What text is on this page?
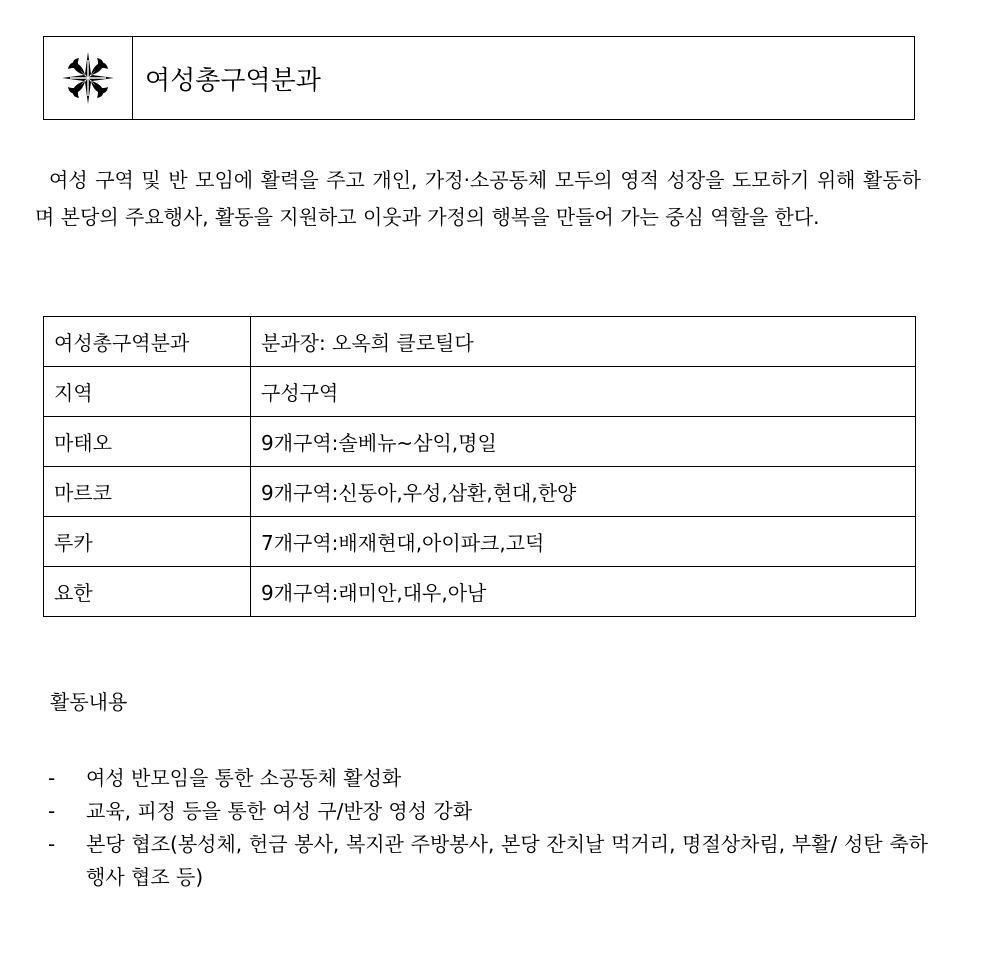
여성총구역분과

여성 구역 및 반 모임에 활력을 주고 개인, 가정·소공동체 모두의 영적 성장을 도모하기 위해 활동하며 본당의 주요행사, 활동을 지원하고 이웃과 가정의 행복을 만들어 가는 중심 역할을 한다.

여성총구역분과	분과장: 오옥희 클로틸다
지역	구성구역
마태오	9개구역:솔베뉴~삼익,명일
마르코	9개구역:신동아,우성,삼환,현대,한양
루카	7개구역:배재현대,아이파크,고덕
요한	9개구역:래미안,대우,아남

활동내용

- 여성 반모임을 통한 소공동체 활성화
- 교육, 피정 등을 통한 여성 구/반장 영성 강화
- 본당 협조(봉성체, 헌금 봉사, 복지관 주방봉사, 본당 잔치날 먹거리, 명절상차림, 부활/ 성탄 축하 행사 협조 등)
